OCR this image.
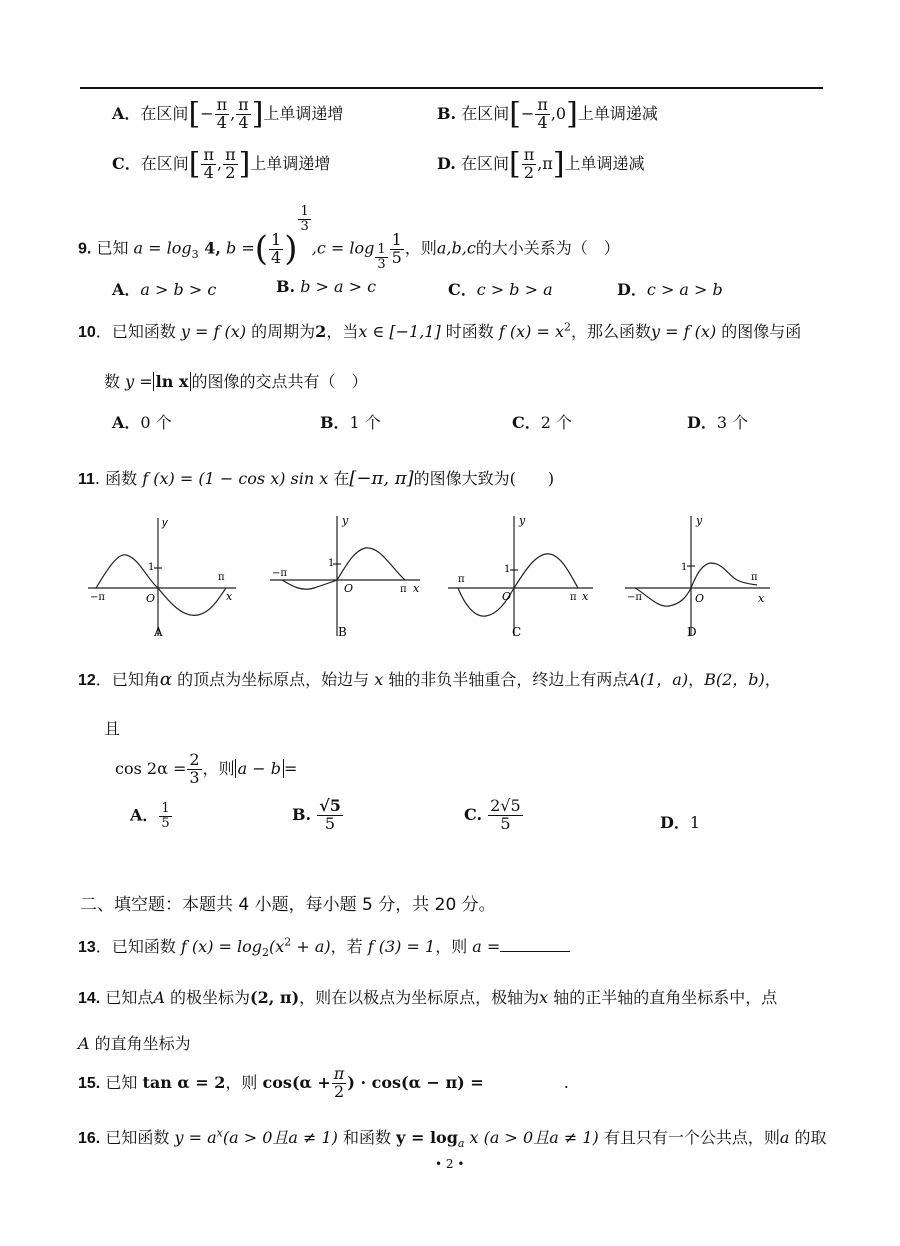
A．在区间[− $\frac{\pi}{4}$ , $\frac{\pi}{4}$ ]上单调递增	B. 在区间[− $\frac{\pi}{4} ,0$]上单调递减
C．在区间[ $\frac{\pi}{4}$ , $\frac{\pi}{2}$ ]上单调递增	D. 在区间[ $\frac{\pi}{2} ,\pi$]上单调递减
9. 已知 $a = \log_3 4$, b =( $\frac{1}{4}$ )
$\frac{1}{3}$
$,c = \log \frac{1}{3} \frac{1}{5}$ ，则a,b,c的大小关系为（　）
A．a > b > c	B. b > a > c	C．c > b > a	D．c > a > b
10．已知函数 y = f (x) 的周期为2，当x ∈ [−1,1] 时函数 f $(x) = x^2$，那么函数y = f (x) 的图像与函
数 y = ln x 的图像的交点共有（　）
A．0 个	B．1 个	C．2 个	D．3 个
11. 函数 f (x) = (1 − cos x) sin x 在[−π, π]的图像大致为(　　)
y
x
O
1
−π
π
A
y
x
O
1
−π
π
B
y
x
O
1
π
π
C
y
x
O
1
−π
π
D
12．已知角α 的顶点为坐标原点，始边与 x 轴的非负半轴重合，终边上有两点A(1，a)，B(2，b)，
且
$\cos 2\alpha = \frac{2}{3}$ ，则 a − b =
A． $\frac{1}{5}$	B. $\frac{√5}{5}$	C. $\frac{2√5}{5}$	D．1
二、填空题：本题共 4 小题，每小题 5 分，共 20 分。
13．已知函数 f $(x) = \log_2(x^2 + a)$，若 f (3) = 1，则 a =
14. 已知点A 的极坐标为(2, π)，则在以极点为坐标原点，极轴为x 轴的正半轴的直角坐标系中，点
A 的直角坐标为
15. 已知 tan α = 2，则 $\cos(\alpha + \frac{\pi}{2}$ ) · cos(α − π) =	.
16. 已知函数 $y = a^x(a > 0$且a ≠ 1) 和函数 $y = \log_a x$ (a > 0且a ≠ 1) 有且只有一个公共点，则a 的取
• 2 •
